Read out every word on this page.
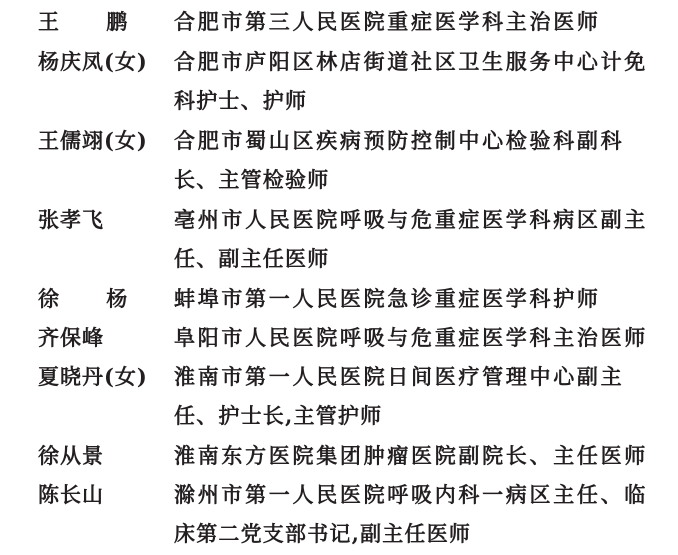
王 鹏 合肥市第三人民医院重症医学科主治医师
杨庆凤(女) 合肥市庐阳区林店街道社区卫生服务中心计免
科护士、护师
王儒翊(女) 合肥市蜀山区疾病预防控制中心检验科副科
长、主管检验师
张孝飞	亳州市人民医院呼吸与危重症医学科病区副主
任、副主任医师
徐 杨 蚌埠市第一人民医院急诊重症医学科护师
齐保峰	阜阳市人民医院呼吸与危重症医学科主治医师
夏晓丹(女) 淮南市第一人民医院日间医疗管理中心副主
任、护士长,主管护师
徐从景	淮南东方医院集团肿瘤医院副院长、主任医师
陈长山	滁州市第一人民医院呼吸内科一病区主任、临
床第二党支部书记,副主任医师
